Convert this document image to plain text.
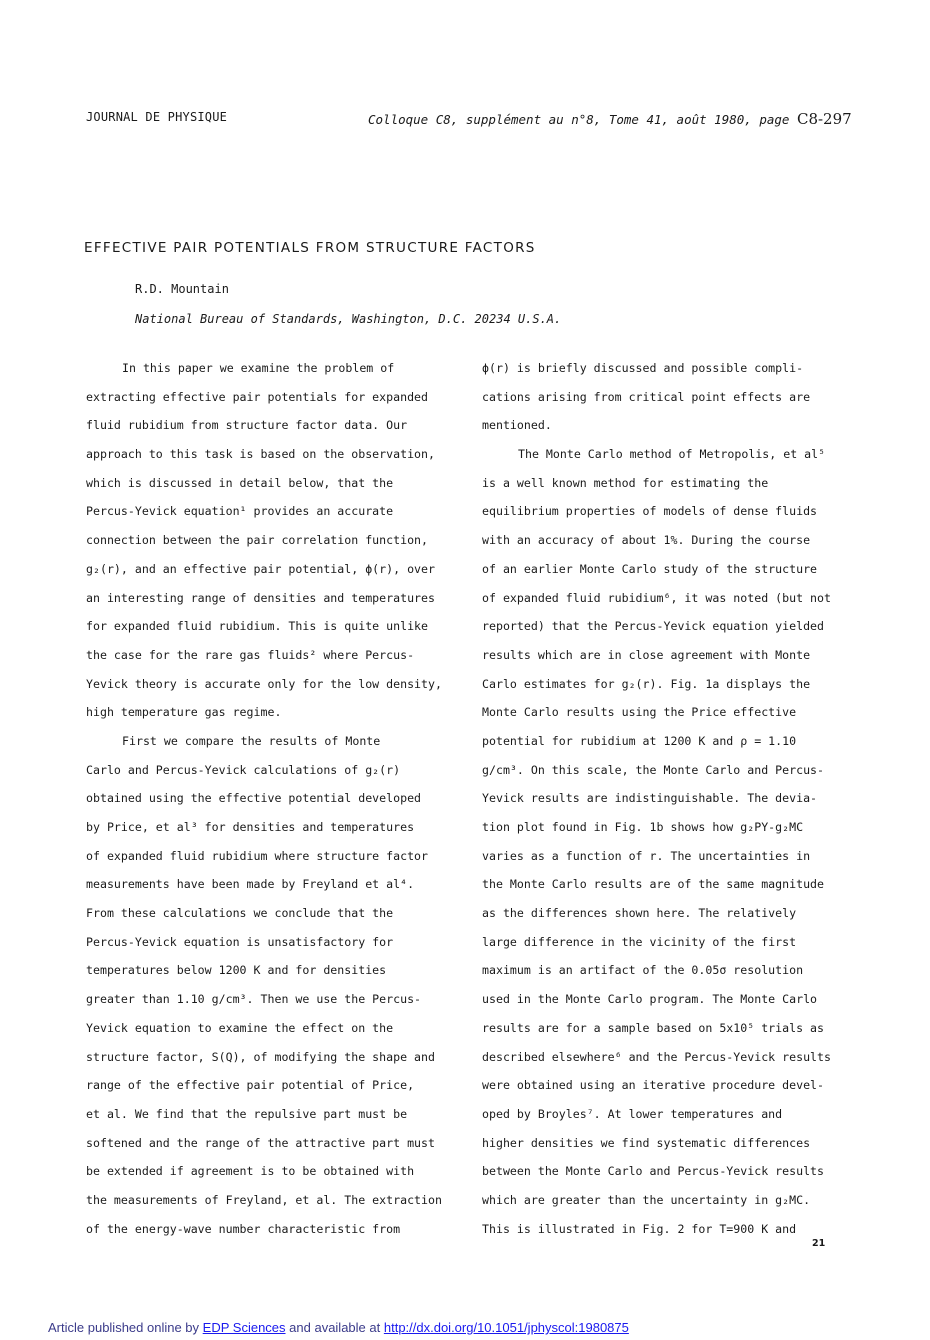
JOURNAL DE PHYSIQUE	Colloque C8, supplément au n°8, Tome 41, août 1980, page C8-297
EFFECTIVE PAIR POTENTIALS FROM STRUCTURE FACTORS
R.D. Mountain
National Bureau of Standards, Washington, D.C. 20234 U.S.A.
In this paper we examine the problem of
extracting effective pair potentials for expanded
fluid rubidium from structure factor data. Our
approach to this task is based on the observation,
which is discussed in detail below, that the
Percus-Yevick equation¹ provides an accurate
connection between the pair correlation function,
g₂(r), and an effective pair potential, ϕ(r), over
an interesting range of densities and temperatures
for expanded fluid rubidium. This is quite unlike
the case for the rare gas fluids² where Percus-
Yevick theory is accurate only for the low density,
high temperature gas regime.
First we compare the results of Monte
Carlo and Percus-Yevick calculations of g₂(r)
obtained using the effective potential developed
by Price, et al³ for densities and temperatures
of expanded fluid rubidium where structure factor
measurements have been made by Freyland et al⁴.
From these calculations we conclude that the
Percus-Yevick equation is unsatisfactory for
temperatures below 1200 K and for densities
greater than 1.10 g/cm³. Then we use the Percus-
Yevick equation to examine the effect on the
structure factor, S(Q), of modifying the shape and
range of the effective pair potential of Price,
et al. We find that the repulsive part must be
softened and the range of the attractive part must
be extended if agreement is to be obtained with
the measurements of Freyland, et al. The extraction
of the energy-wave number characteristic from
ϕ(r) is briefly discussed and possible compli-
cations arising from critical point effects are
mentioned.
The Monte Carlo method of Metropolis, et al⁵
is a well known method for estimating the
equilibrium properties of models of dense fluids
with an accuracy of about 1%. During the course
of an earlier Monte Carlo study of the structure
of expanded fluid rubidium⁶, it was noted (but not
reported) that the Percus-Yevick equation yielded
results which are in close agreement with Monte
Carlo estimates for g₂(r). Fig. 1a displays the
Monte Carlo results using the Price effective
potential for rubidium at 1200 K and ρ = 1.10
g/cm³. On this scale, the Monte Carlo and Percus-
Yevick results are indistinguishable. The devia-
tion plot found in Fig. 1b shows how g₂PY-g₂MC
varies as a function of r. The uncertainties in
the Monte Carlo results are of the same magnitude
as the differences shown here. The relatively
large difference in the vicinity of the first
maximum is an artifact of the 0.05σ resolution
used in the Monte Carlo program. The Monte Carlo
results are for a sample based on 5x10⁵ trials as
described elsewhere⁶ and the Percus-Yevick results
were obtained using an iterative procedure devel-
oped by Broyles⁷. At lower temperatures and
higher densities we find systematic differences
between the Monte Carlo and Percus-Yevick results
which are greater than the uncertainty in g₂MC.
This is illustrated in Fig. 2 for T=900 K and
21
Article published online by EDP Sciences and available at http://dx.doi.org/10.1051/jphyscol:1980875
